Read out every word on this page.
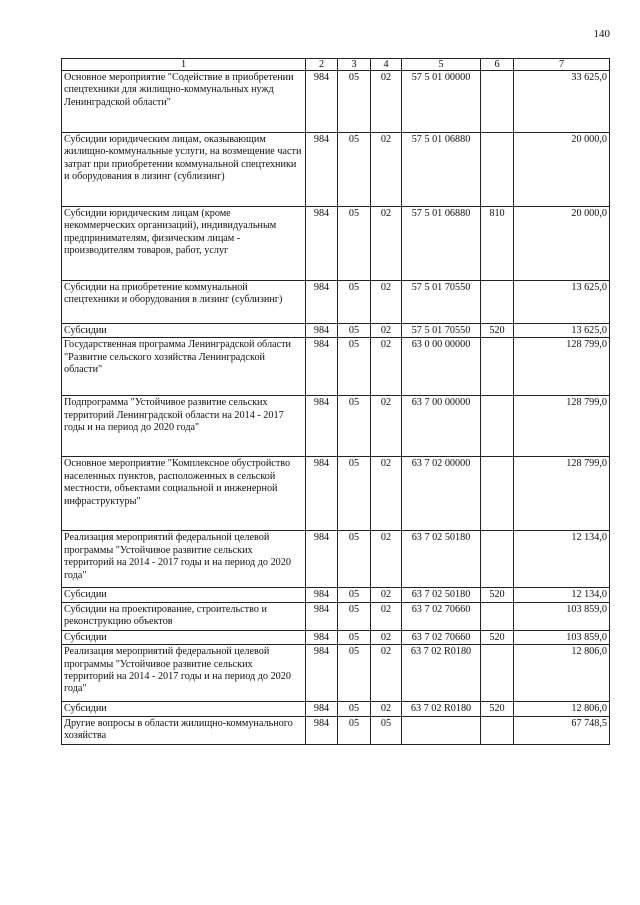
140
1	2	3	4	5	6	7
Основное мероприятие "Содействие в приобретении спецтехники для жилищно-коммунальных нужд Ленинградской области"	984	05	02	57 5 01 00000		33 625,0
Субсидии юридическим лицам, оказывающим жилищно-коммунальные услуги, на возмещение части затрат при приобретении коммунальной спецтехники и оборудования в лизинг (сублизинг)	984	05	02	57 5 01 06880		20 000,0
Субсидии юридическим лицам (кроме некоммерческих организаций), индивидуальным предпринимателям, физическим лицам - производителям товаров, работ, услуг	984	05	02	57 5 01 06880	810	20 000,0
Субсидии на приобретение коммунальной спецтехники и оборудования в лизинг (сублизинг)	984	05	02	57 5 01 70550		13 625,0
Субсидии	984	05	02	57 5 01 70550	520	13 625,0
Государственная программа Ленинградской области "Развитие сельского хозяйства Ленинградской области"	984	05	02	63 0 00 00000		128 799,0
Подпрограмма "Устойчивое развитие сельских территорий Ленинградской области на 2014 - 2017 годы и на период до 2020 года"	984	05	02	63 7 00 00000		128 799,0
Основное мероприятие "Комплексное обустройство населенных пунктов, расположенных в сельской местности, объектами социальной и инженерной инфраструктуры"	984	05	02	63 7 02 00000		128 799,0
Реализация мероприятий федеральной целевой программы "Устойчивое развитие сельских территорий на 2014 - 2017 годы и на период до 2020 года"	984	05	02	63 7 02 50180		12 134,0
Субсидии	984	05	02	63 7 02 50180	520	12 134,0
Субсидии на проектирование, строительство и реконструкцию объектов	984	05	02	63 7 02 70660		103 859,0
Субсидии	984	05	02	63 7 02 70660	520	103 859,0
Реализация мероприятий федеральной целевой программы "Устойчивое развитие сельских территорий на 2014 - 2017 годы и на период до 2020 года"	984	05	02	63 7 02 R0180		12 806,0
Субсидии	984	05	02	63 7 02 R0180	520	12 806,0
Другие вопросы в области жилищно-коммунального хозяйства	984	05	05			67 748,5
